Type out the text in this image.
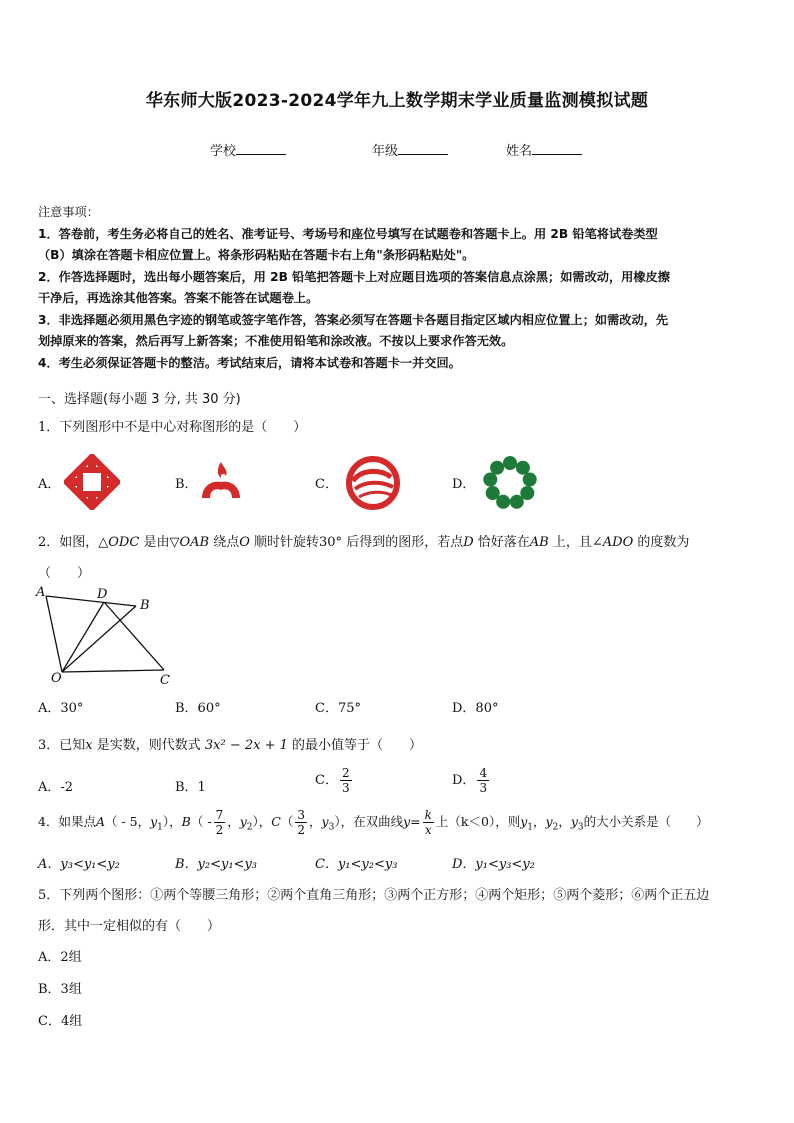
华东师大版2023-2024学年九上数学期末学业质量监测模拟试题
学校	年级	姓名

注意事项：

1．答卷前，考生务必将自己的姓名、准考证号、考场号和座位号填写在试题卷和答题卡上。用 2B 铅笔将试卷类型

（B）填涂在答题卡相应位置上。将条形码粘贴在答题卡右上角"条形码粘贴处"。

2．作答选择题时，选出每小题答案后，用 2B 铅笔把答题卡上对应题目选项的答案信息点涂黑；如需改动，用橡皮擦

干净后，再选涂其他答案。答案不能答在试题卷上。

3．非选择题必须用黑色字迹的钢笔或签字笔作答，答案必须写在答题卡各题目指定区域内相应位置上；如需改动，先

划掉原来的答案，然后再写上新答案；不准使用铅笔和涂改液。不按以上要求作答无效。

4．考生必须保证答题卡的整洁。考试结束后，请将本试卷和答题卡一并交回。

一、选择题(每小题 3 分, 共 30 分)
1．下列图形中不是中心对称图形的是（　　）
A．	B．	C．	D．
2．如图，△ODC 是由▽OAB 绕点O 顺时针旋转30° 后得到的图形，若点D 恰好落在AB 上，且∠ADO 的度数为
（　　）
A	D
B
O	C
A．30°	B．60°	C．75°	D．80°
3．已知x 是实数，则代数式 3x² − 2x + 1 的最小值等于（　　）
A．-2	B．1	C． $\frac{2}{3}$	D． $\frac{4}{3}$
4．如果点A（ - 5，$y_1$），$B( - \frac{7}{2}$ ，$y_2$），$C( \frac{3}{2}$ ，$y_3$），在双曲线$y= \frac{k}{x}$ 上（k＜0），则$y_1$，$y_2$，$y_3$的大小关系是（　　）
A．y₃<y₁<y₂	B．y₂<y₁<y₃	C．y₁<y₂<y₃	D．y₁<y₃<y₂
5．下列两个图形：①两个等腰三角形；②两个直角三角形；③两个正方形；④两个矩形；⑤两个菱形；⑥两个正五边
形．其中一定相似的有（　　）
A．2组
B．3组
C．4组
